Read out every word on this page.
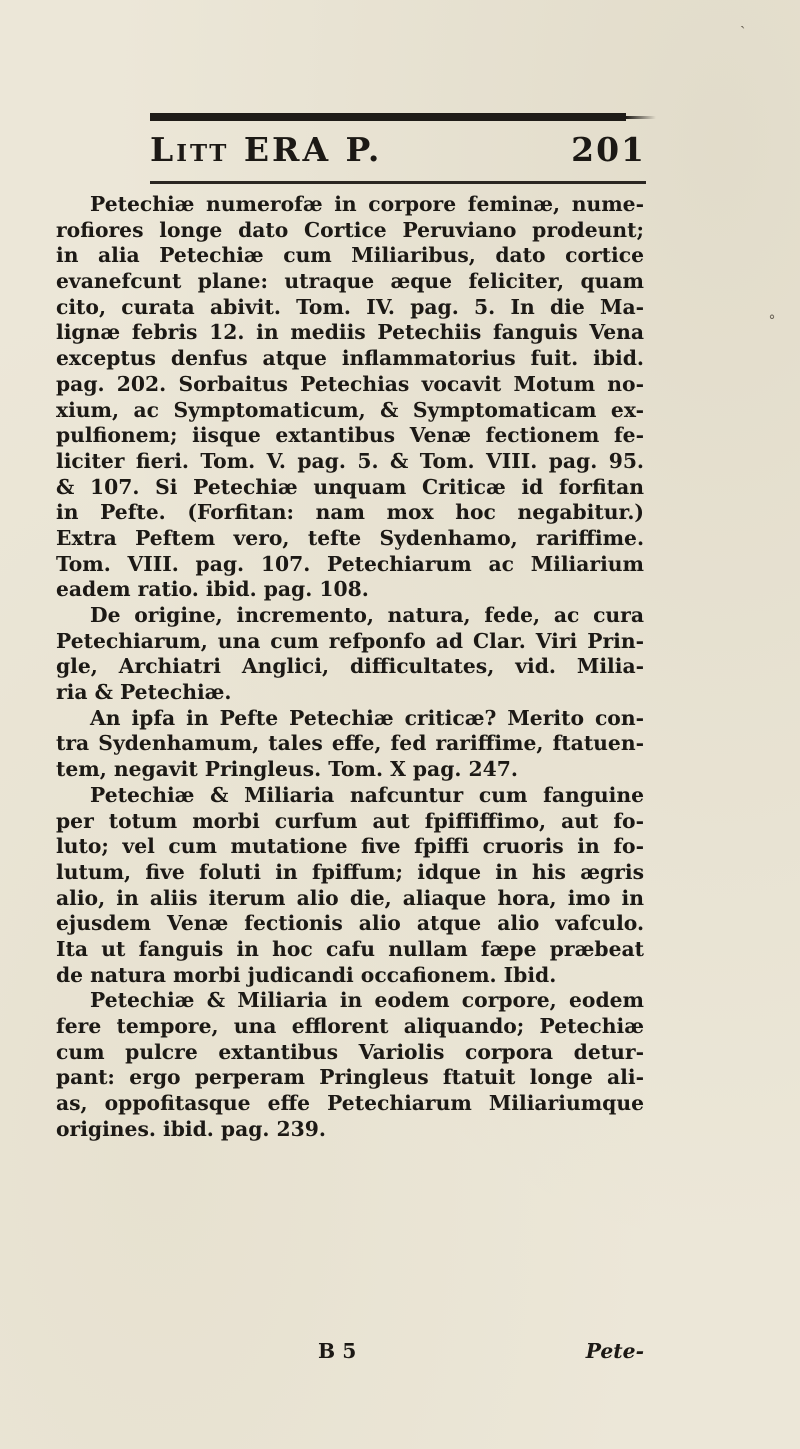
Litt ERA P.	201
Petechiæ numerofæ in corpore feminæ, nume-
rofiores longe dato Cortice Peruviano prodeunt;
in alia Petechiæ cum Miliaribus, dato cortice
evanefcunt plane: utraque æque feliciter, quam
cito, curata abivit. Tom. IV. pag. 5. In die Ma-
lignæ febris 12. in mediis Petechiis fanguis Vena
exceptus denfus atque inflammatorius fuit. ibid.
pag. 202. Sorbaitus Petechias vocavit Motum no-
xium, ac Symptomaticum, & Symptomaticam ex-
pulfionem; iisque extantibus Venæ fectionem fe-
liciter fieri. Tom. V. pag. 5. & Tom. VIII. pag. 95.
& 107. Si Petechiæ unquam Criticæ id forfitan
in Pefte. (Forfitan: nam mox hoc negabitur.)
Extra Peftem vero, tefte Sydenhamo, rariffime.
Tom. VIII. pag. 107. Petechiarum ac Miliarium
eadem ratio. ibid. pag. 108.
De origine, incremento, natura, fede, ac cura
Petechiarum, una cum refponfo ad Clar. Viri Prin-
gle, Archiatri Anglici, difficultates, vid. Milia-
ria & Petechiæ.
An ipfa in Pefte Petechiæ criticæ? Merito con-
tra Sydenhamum, tales effe, fed rariffime, ftatuen-
tem, negavit Pringleus. Tom. X pag. 247.
Petechiæ & Miliaria nafcuntur cum fanguine
per totum morbi curfum aut fpiffiffimo, aut fo-
luto; vel cum mutatione five fpiffi cruoris in fo-
lutum, five foluti in fpiffum; idque in his ægris
alio, in aliis iterum alio die, aliaque hora, imo in
ejusdem Venæ fectionis alio atque alio vafculo.
Ita ut fanguis in hoc cafu nullam fæpe præbeat
de natura morbi judicandi occafionem. Ibid.
Petechiæ & Miliaria in eodem corpore, eodem
fere tempore, una efflorent aliquando; Petechiæ
cum pulcre extantibus Variolis corpora detur-
pant: ergo perperam Pringleus ftatuit longe ali-
as, oppofitasque effe Petechiarum Miliariumque
origines. ibid. pag. 239.
B 5	Pete-
ˏ
˳
